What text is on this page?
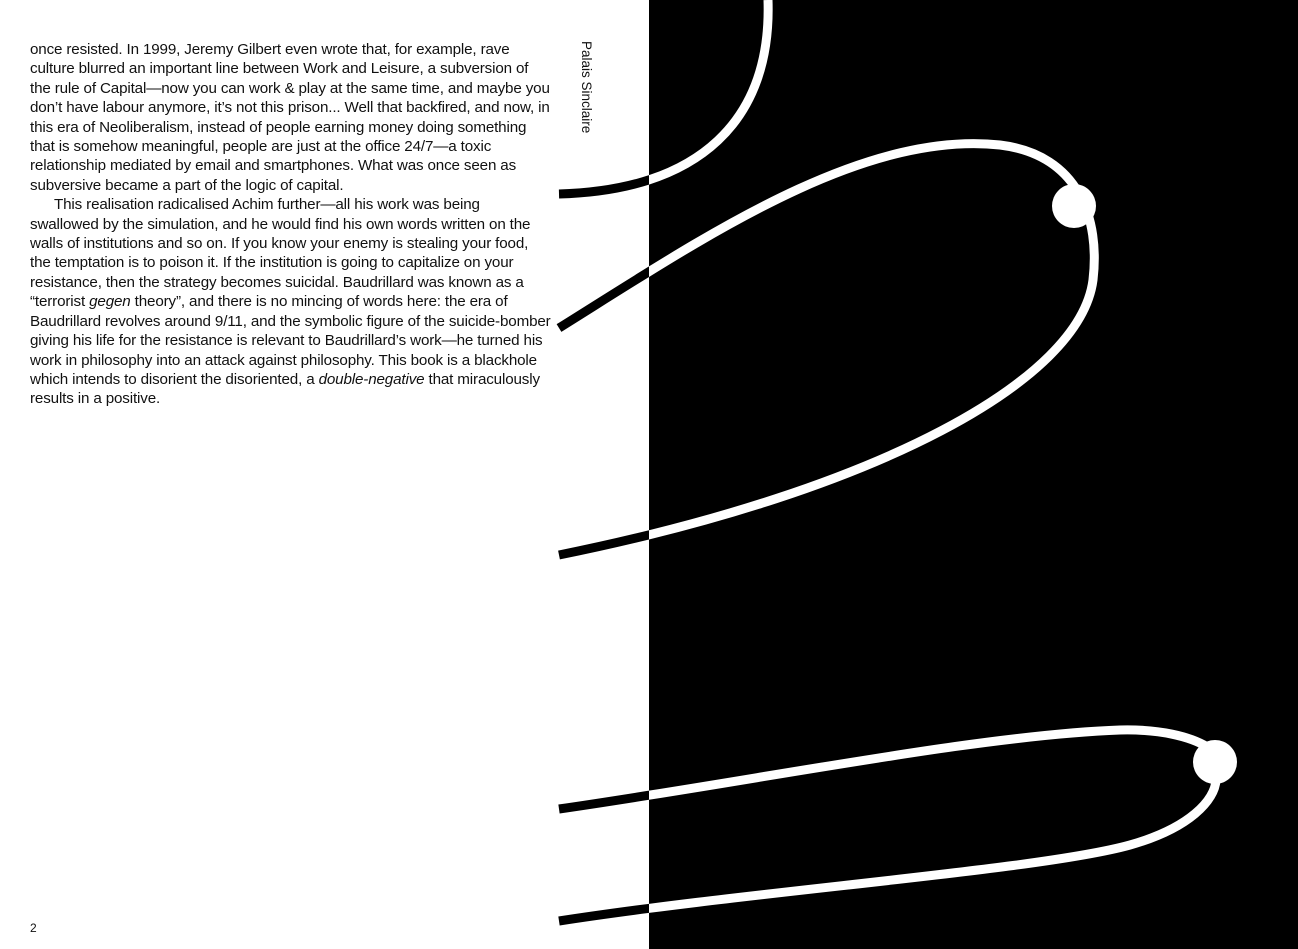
once resisted. In 1999, Jeremy Gilbert even wrote that, for example, rave culture blurred an important line between Work and Leisure, a subversion of the rule of Capital—now you can work & play at the same time, and maybe you don’t have labour anymore, it’s not this prison... Well that backfired, and now, in this era of Neoliberalism, instead of people earning money doing something that is somehow meaningful, people are just at the office 24/7—a toxic relationship mediated by email and smartphones. What was once seen as subversive became a part of the logic of capital.

This realisation radicalised Achim further—all his work was being swallowed by the simulation, and he would find his own words written on the walls of institutions and so on. If you know your enemy is stealing your food, the temptation is to poison it. If the institution is going to capitalize on your resistance, then the strategy becomes suicidal. Baudrillard was known as a “terrorist gegen theory”, and there is no mincing of words here: the era of Baudrillard revolves around 9/11, and the symbolic figure of the suicide-bomber giving his life for the resistance is relevant to Baudrillard’s work—he turned his work in philosophy into an attack against philosophy. This book is a blackhole which intends to disorient the disoriented, a double-negative that miraculously results in a positive.

Palais Sinclaire
2
